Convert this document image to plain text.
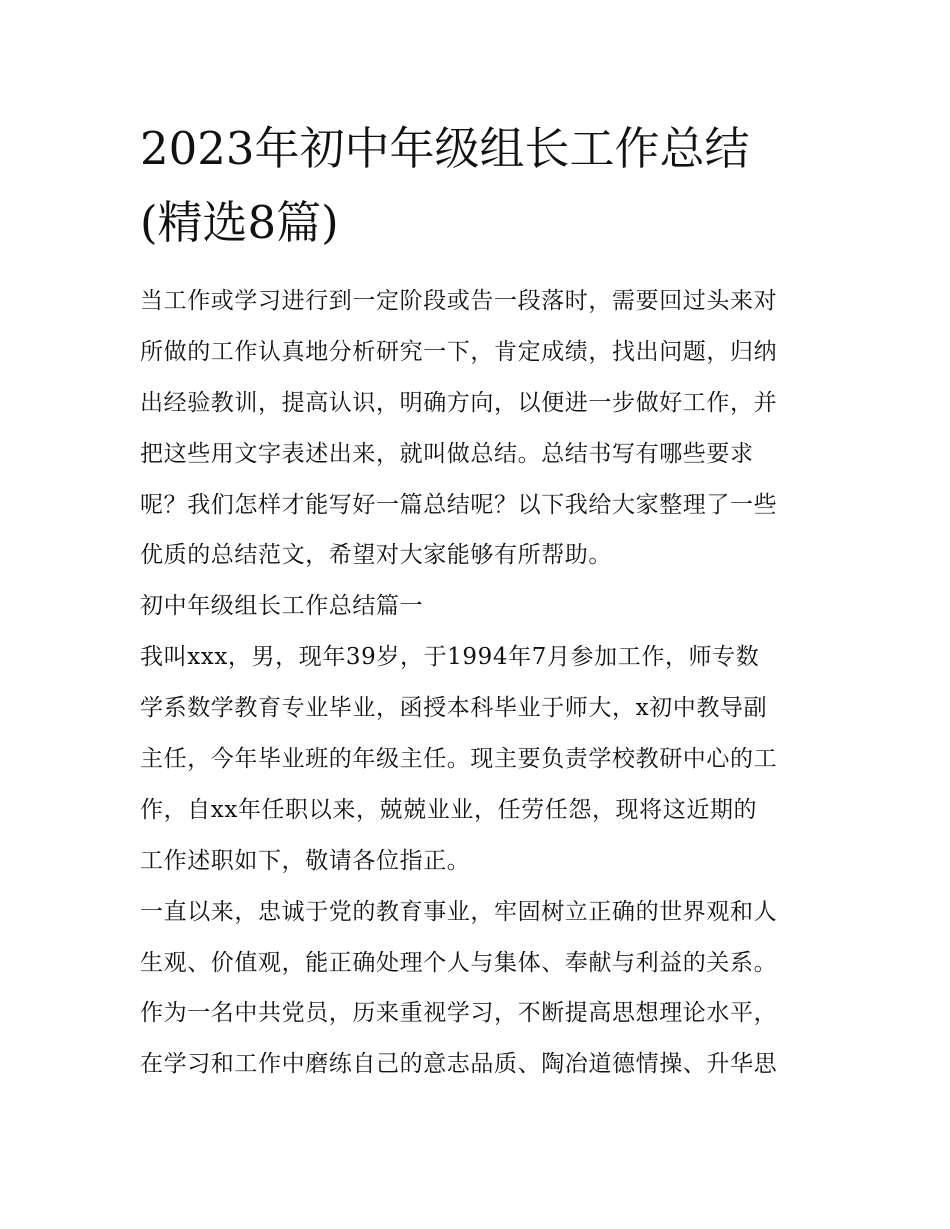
2023年初中年级组长工作总结
(精选8篇)
当工作或学习进行到一定阶段或告一段落时，需要回过头来对
所做的工作认真地分析研究一下，肯定成绩，找出问题，归纳
出经验教训，提高认识，明确方向，以便进一步做好工作，并
把这些用文字表述出来，就叫做总结。总结书写有哪些要求
呢？我们怎样才能写好一篇总结呢？以下我给大家整理了一些
优质的总结范文，希望对大家能够有所帮助。
初中年级组长工作总结篇一
我叫xxx，男，现年39岁，于1994年7月参加工作，师专数
学系数学教育专业毕业，函授本科毕业于师大，x初中教导副
主任，今年毕业班的年级主任。现主要负责学校教研中心的工
作，自xx年任职以来，兢兢业业，任劳任怨，现将这近期的
工作述职如下，敬请各位指正。
一直以来，忠诚于党的教育事业，牢固树立正确的世界观和人
生观、价值观，能正确处理个人与集体、奉献与利益的关系。
作为一名中共党员，历来重视学习，不断提高思想理论水平，
在学习和工作中磨练自己的意志品质、陶冶道德情操、升华思
